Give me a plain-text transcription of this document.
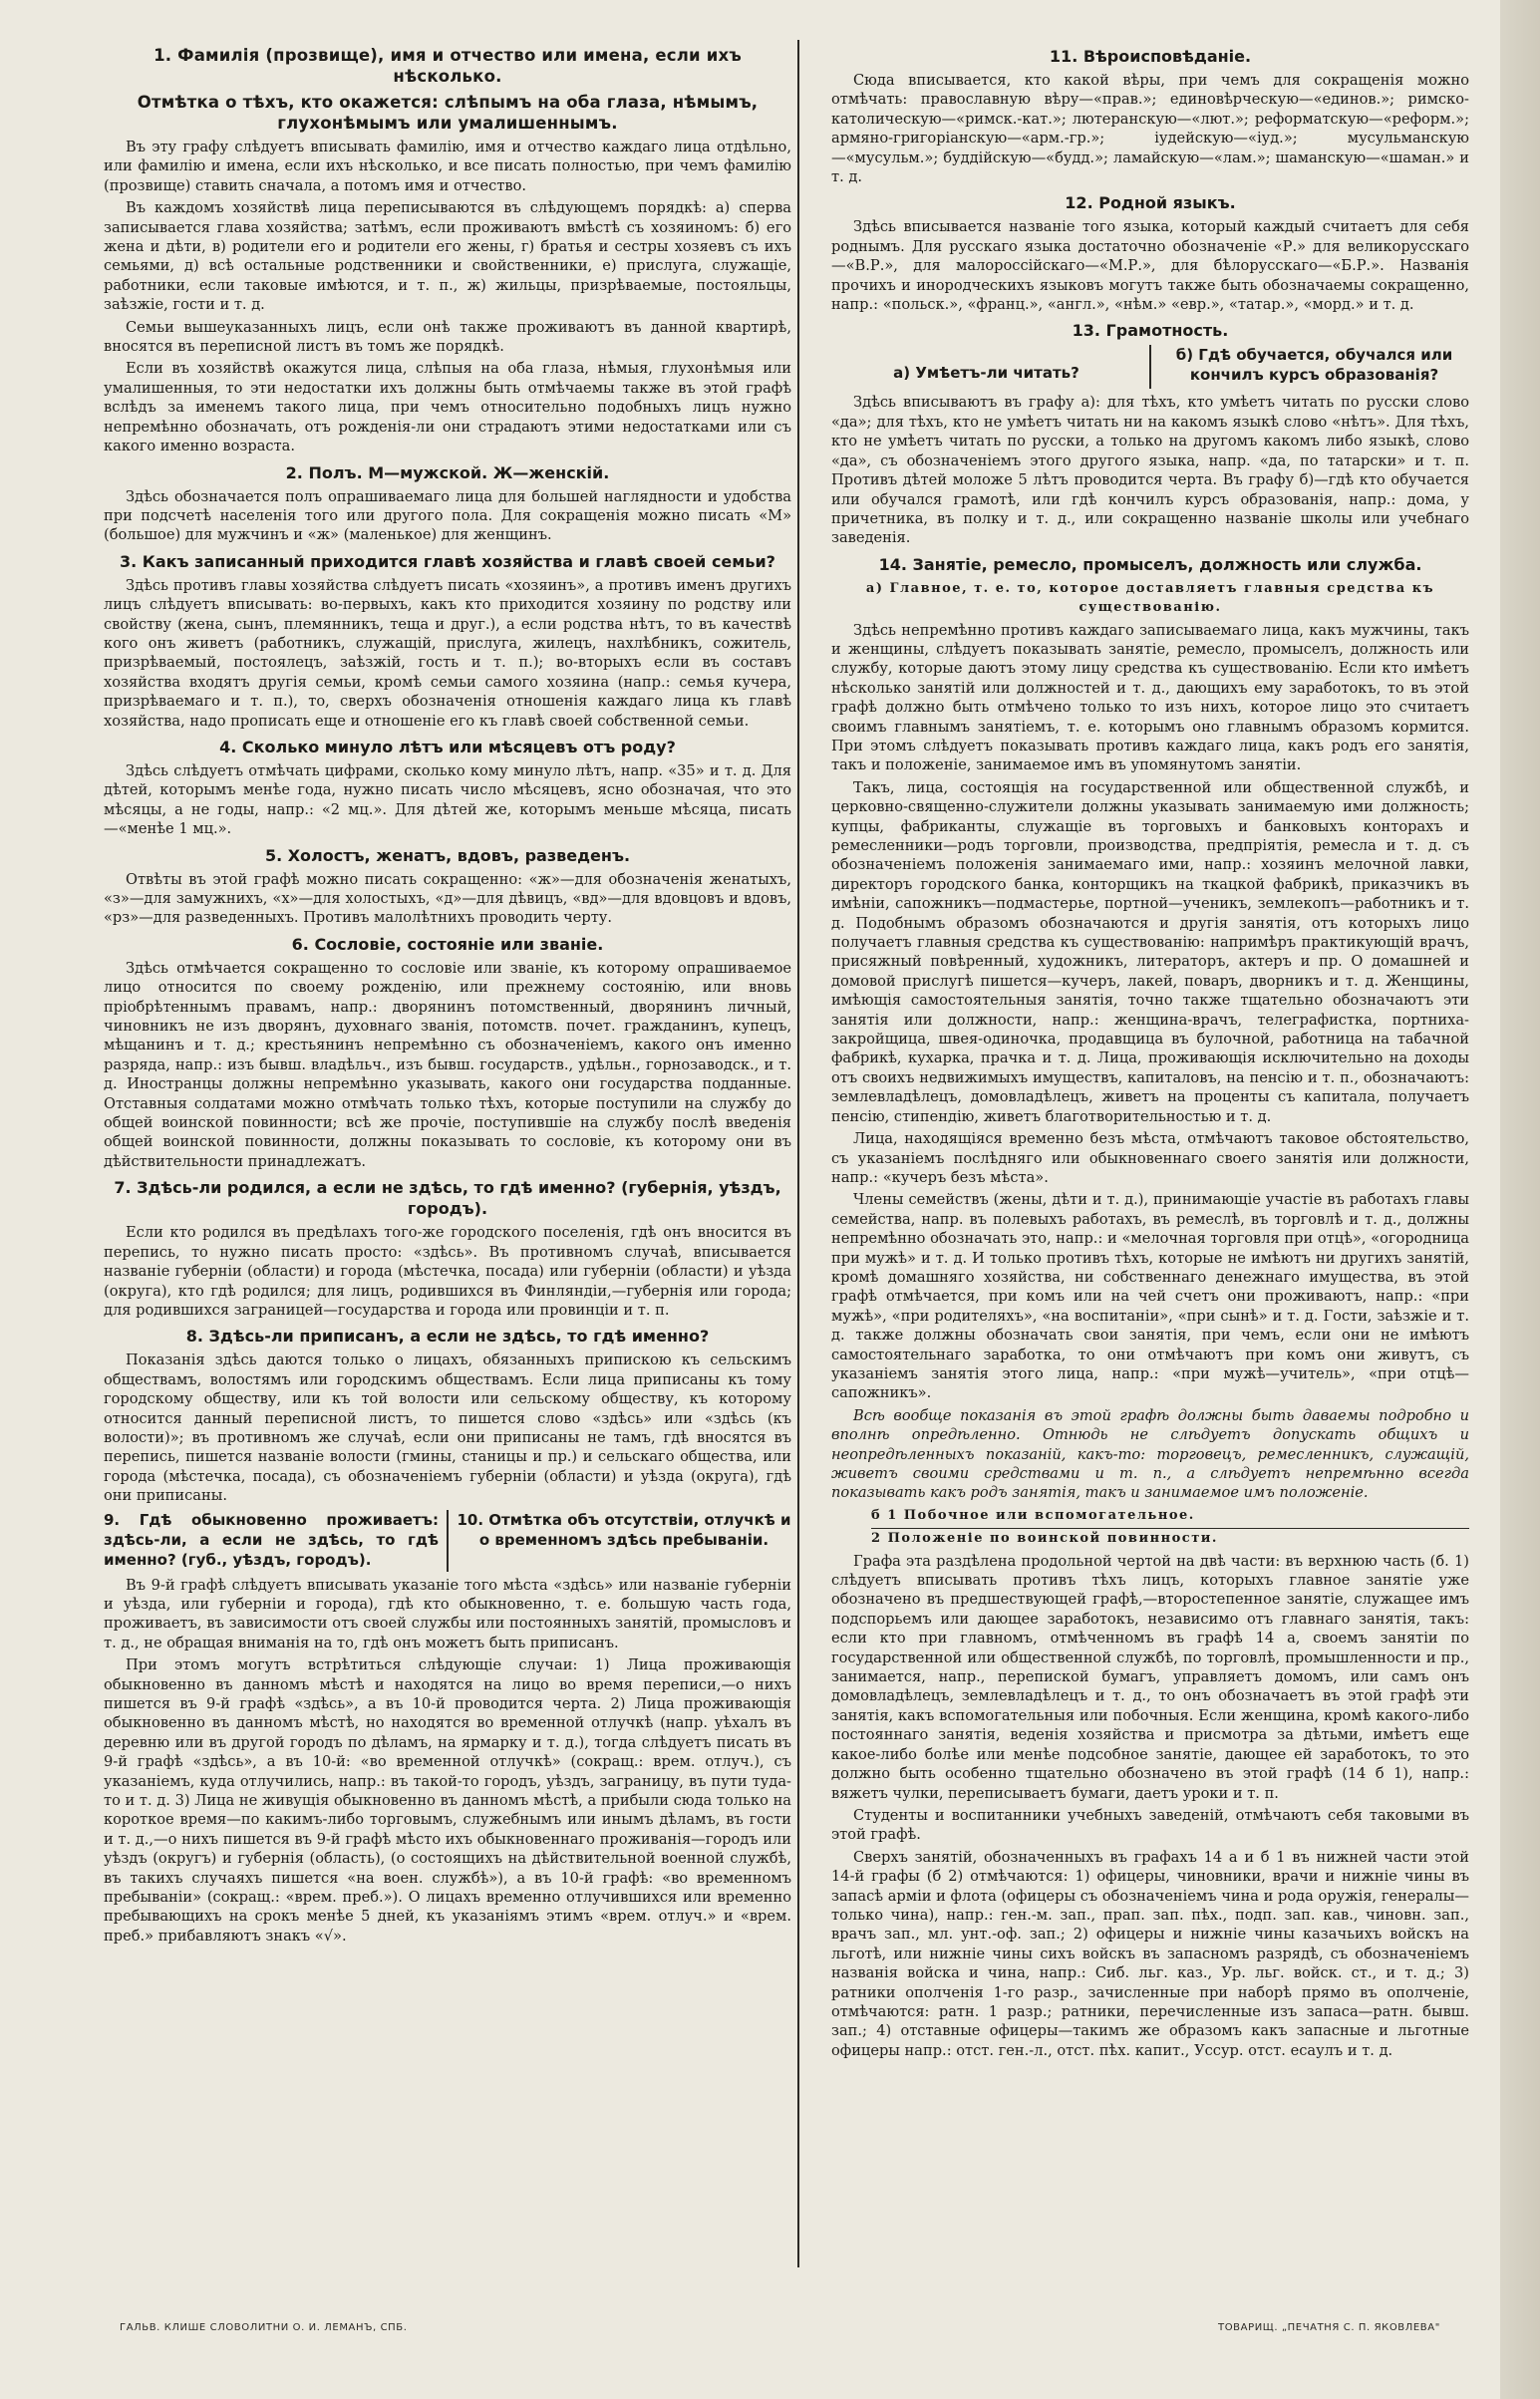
1. Фамилія (прозвище), имя и отчество или имена, если ихъ нѣсколько.
Отмѣтка о тѣхъ, кто окажется: слѣпымъ на оба глаза, нѣмымъ, глухонѣмымъ или умалишеннымъ.

Въ эту графу слѣдуетъ вписывать фамилію, имя и отчество каждаго лица отдѣльно, или фамилію и имена, если ихъ нѣсколько, и все писать полностью, при чемъ фамилію (прозвище) ставить сначала, а потомъ имя и отчество.

Въ каждомъ хозяйствѣ лица переписываются въ слѣдующемъ порядкѣ: а) сперва записывается глава хозяйства; затѣмъ, если проживаютъ вмѣстѣ съ хозяиномъ: б) его жена и дѣти, в) родители его и родители его жены, г) братья и сестры хозяевъ съ ихъ семьями, д) всѣ остальные родственники и свойственники, е) прислуга, служащіе, работники, если таковые имѣются, и т. п., ж) жильцы, призрѣваемые, постояльцы, заѣзжіе, гости и т. д.

Семьи вышеуказанныхъ лицъ, если онѣ также проживаютъ въ данной квартирѣ, вносятся въ переписной листъ въ томъ же порядкѣ.

Если въ хозяйствѣ окажутся лица, слѣпыя на оба глаза, нѣмыя, глухонѣмыя или умалишенныя, то эти недостатки ихъ должны быть отмѣчаемы также въ этой графѣ вслѣдъ за именемъ такого лица, при чемъ относительно подобныхъ лицъ нужно непремѣнно обозначать, отъ рожденія-ли они страдаютъ этими недостатками или съ какого именно возраста.

2. Полъ. М—мужской. Ж—женскій.

Здѣсь обозначается полъ опрашиваемаго лица для большей наглядности и удобства при подсчетѣ населенія того или другого пола. Для сокращенія можно писать «М» (большое) для мужчинъ и «ж» (маленькое) для женщинъ.

3. Какъ записанный приходится главѣ хозяйства и главѣ своей семьи?

Здѣсь противъ главы хозяйства слѣдуетъ писать «хозяинъ», а противъ именъ другихъ лицъ слѣдуетъ вписывать: во-первыхъ, какъ кто приходится хозяину по родству или свойству (жена, сынъ, племянникъ, теща и друг.), а если родства нѣтъ, то въ качествѣ кого онъ живетъ (работникъ, служащій, прислуга, жилецъ, нахлѣбникъ, сожитель, призрѣваемый, постоялецъ, заѣзжій, гость и т. п.); во-вторыхъ если въ составъ хозяйства входятъ другія семьи, кромѣ семьи самого хозяина (напр.: семья кучера, призрѣваемаго и т. п.), то, сверхъ обозначенія отношенія каждаго лица къ главѣ хозяйства, надо прописать еще и отношеніе его къ главѣ своей собственной семьи.

4. Сколько минуло лѣтъ или мѣсяцевъ отъ роду?

Здѣсь слѣдуетъ отмѣчать цифрами, сколько кому минуло лѣтъ, напр. «35» и т. д. Для дѣтей, которымъ менѣе года, нужно писать число мѣсяцевъ, ясно обозначая, что это мѣсяцы, а не годы, напр.: «2 мц.». Для дѣтей же, которымъ меньше мѣсяца, писать—«менѣе 1 мц.».

5. Холостъ, женатъ, вдовъ, разведенъ.

Отвѣты въ этой графѣ можно писать сокращенно: «ж»—для обозначенія женатыхъ, «з»—для замужнихъ, «х»—для холостыхъ, «д»—для дѣвицъ, «вд»—для вдовцовъ и вдовъ, «рз»—для разведенныхъ. Противъ малолѣтнихъ проводить черту.

6. Сословіе, состояніе или званіе.

Здѣсь отмѣчается сокращенно то сословіе или званіе, къ которому опрашиваемое лицо относится по своему рожденію, или прежнему состоянію, или вновь пріобрѣтеннымъ правамъ, напр.: дворянинъ потомственный, дворянинъ личный, чиновникъ не изъ дворянъ, духовнаго званія, потомств. почет. гражданинъ, купецъ, мѣщанинъ и т. д.; крестьянинъ непремѣнно съ обозначеніемъ, какого онъ именно разряда, напр.: изъ бывш. владѣльч., изъ бывш. государств., удѣльн., горнозаводск., и т. д. Иностранцы должны непремѣнно указывать, какого они государства подданные. Отставныя солдатами можно отмѣчать только тѣхъ, которые поступили на службу до общей воинской повинности; всѣ же прочіе, поступившіе на службу послѣ введенія общей воинской повинности, должны показывать то сословіе, къ которому они въ дѣйствительности принадлежатъ.

7. Здѣсь-ли родился, а если не здѣсь, то гдѣ именно? (губернія, уѣздъ, городъ).

Если кто родился въ предѣлахъ того-же городского поселенія, гдѣ онъ вносится въ перепись, то нужно писать просто: «здѣсь». Въ противномъ случаѣ, вписывается названіе губерніи (области) и города (мѣстечка, посада) или губерніи (области) и уѣзда (округа), кто гдѣ родился; для лицъ, родившихся въ Финляндіи,—губернія или города; для родившихся заграницей—государства и города или провинціи и т. п.

8. Здѣсь-ли приписанъ, а если не здѣсь, то гдѣ именно?

Показанія здѣсь даются только о лицахъ, обязанныхъ припискою къ сельскимъ обществамъ, волостямъ или городскимъ обществамъ. Если лица приписаны къ тому городскому обществу, или къ той волости или сельскому обществу, къ которому относится данный переписной листъ, то пишется слово «здѣсь» или «здѣсь (къ волости)»; въ противномъ же случаѣ, если они приписаны не тамъ, гдѣ вносятся въ перепись, пишется названіе волости (гмины, станицы и пр.) и сельскаго общества, или города (мѣстечка, посада), съ обозначеніемъ губерніи (области) и уѣзда (округа), гдѣ они приписаны.

9. Гдѣ обыкновенно проживаетъ: здѣсь-ли, а если не здѣсь, то гдѣ именно? (губ., уѣздъ, городъ).
10. Отмѣтка объ отсутствіи, отлучкѣ и о временномъ здѣсь пребываніи.

Въ 9-й графѣ слѣдуетъ вписывать указаніе того мѣста «здѣсь» или названіе губерніи и уѣзда, или губерніи и города), гдѣ кто обыкновенно, т. е. большую часть года, проживаетъ, въ зависимости отъ своей службы или постоянныхъ занятій, промысловъ и т. д., не обращая вниманія на то, гдѣ онъ можетъ быть приписанъ.

При этомъ могутъ встрѣтиться слѣдующіе случаи: 1) Лица проживающія обыкновенно въ данномъ мѣстѣ и находятся на лицо во время переписи,—о нихъ пишется въ 9-й графѣ «здѣсь», а въ 10-й проводится черта. 2) Лица проживающія обыкновенно въ данномъ мѣстѣ, но находятся во временной отлучкѣ (напр. уѣхалъ въ деревню или въ другой городъ по дѣламъ, на ярмарку и т. д.), тогда слѣдуетъ писать въ 9-й графѣ «здѣсь», а въ 10-й: «во временной отлучкѣ» (сокращ.: врем. отлуч.), съ указаніемъ, куда отлучились, напр.: въ такой-то городъ, уѣздъ, заграницу, въ пути туда-то и т. д. 3) Лица не живущія обыкновенно въ данномъ мѣстѣ, а прибыли сюда только на короткое время—по какимъ-либо торговымъ, служебнымъ или инымъ дѣламъ, въ гости и т. д.,—о нихъ пишется въ 9-й графѣ мѣсто ихъ обыкновеннаго проживанія—городъ или уѣздъ (округъ) и губернія (область), (о состоящихъ на дѣйствительной военной службѣ, въ такихъ случаяхъ пишется «на воен. службѣ»), а въ 10-й графѣ: «во временномъ пребываніи» (сокращ.: «врем. преб.»). О лицахъ временно отлучившихся или временно пребывающихъ на срокъ менѣе 5 дней, къ указаніямъ этимъ «врем. отлуч.» и «врем. преб.» прибавляютъ знакъ «√».

11. Вѣроисповѣданіе.

Сюда вписывается, кто какой вѣры, при чемъ для сокращенія можно отмѣчать: православную вѣру—«прав.»; единовѣрческую—«единов.»; римско-католическую—«римск.-кат.»; лютеранскую—«лют.»; реформатскую—«реформ.»; армяно-григоріанскую—«арм.-гр.»; іудейскую—«іуд.»; мусульманскую—«мусульм.»; буддійскую—«будд.»; ламайскую—«лам.»; шаманскую—«шаман.» и т. д.

12. Родной языкъ.

Здѣсь вписывается названіе того языка, который каждый считаетъ для себя роднымъ. Для русскаго языка достаточно обозначеніе «Р.» для великорусскаго—«В.Р.», для малороссійскаго—«М.Р.», для бѣлорусскаго—«Б.Р.». Названія прочихъ и инородческихъ языковъ могутъ также быть обозначаемы сокращенно, напр.: «польск.», «франц.», «англ.», «нѣм.» «евр.», «татар.», «морд.» и т. д.

13. Грамотность.
а) Умѣетъ-ли читать?
б) Гдѣ обучается, обучался или кончилъ курсъ образованія?

Здѣсь вписываютъ въ графу а): для тѣхъ, кто умѣетъ читать по русски слово «да»; для тѣхъ, кто не умѣетъ читать ни на какомъ языкѣ слово «нѣтъ». Для тѣхъ, кто не умѣетъ читать по русски, а только на другомъ какомъ либо языкѣ, слово «да», съ обозначеніемъ этого другого языка, напр. «да, по татарски» и т. п. Противъ дѣтей моложе 5 лѣтъ проводится черта. Въ графу б)—гдѣ кто обучается или обучался грамотѣ, или гдѣ кончилъ курсъ образованія, напр.: дома, у причетника, въ полку и т. д., или сокращенно названіе школы или учебнаго заведенія.

14. Занятіе, ремесло, промыселъ, должность или служба.

а) Главное, т. е. то, которое доставляетъ главныя средства къ существованію.

Здѣсь непремѣнно противъ каждаго записываемаго лица, какъ мужчины, такъ и женщины, слѣдуетъ показывать занятіе, ремесло, промыселъ, должность или службу, которые даютъ этому лицу средства къ существованію. Если кто имѣетъ нѣсколько занятій или должностей и т. д., дающихъ ему заработокъ, то въ этой графѣ должно быть отмѣчено только то изъ нихъ, которое лицо это считаетъ своимъ главнымъ занятіемъ, т. е. которымъ оно главнымъ образомъ кормится. При этомъ слѣдуетъ показывать противъ каждаго лица, какъ родъ его занятія, такъ и положеніе, занимаемое имъ въ упомянутомъ занятіи.

Такъ, лица, состоящія на государственной или общественной службѣ, и церковно-священно-служители должны указывать занимаемую ими должность; купцы, фабриканты, служащіе въ торговыхъ и банковыхъ конторахъ и ремесленники—родъ торговли, производства, предпріятія, ремесла и т. д. съ обозначеніемъ положенія занимаемаго ими, напр.: хозяинъ мелочной лавки, директоръ городского банка, конторщикъ на ткацкой фабрикѣ, приказчикъ въ имѣніи, сапожникъ—подмастерье, портной—ученикъ, землекопъ—работникъ и т. д. Подобнымъ образомъ обозначаются и другія занятія, отъ которыхъ лицо получаетъ главныя средства къ существованію: напримѣръ практикующій врачъ, присяжный повѣренный, художникъ, литераторъ, актеръ и пр. О домашней и домовой прислугѣ пишется—кучеръ, лакей, поваръ, дворникъ и т. д. Женщины, имѣющія самостоятельныя занятія, точно также тщательно обозначаютъ эти занятія или должности, напр.: женщина-врачъ, телеграфистка, портниха-закройщица, швея-одиночка, продавщица въ булочной, работница на табачной фабрикѣ, кухарка, прачка и т. д. Лица, проживающія исключительно на доходы отъ своихъ недвижимыхъ имуществъ, капиталовъ, на пенсію и т. п., обозначаютъ: землевладѣлецъ, домовладѣлецъ, живетъ на проценты съ капитала, получаетъ пенсію, стипендію, живетъ благотворительностью и т. д.

Лица, находящіяся временно безъ мѣста, отмѣчаютъ таковое обстоятельство, съ указаніемъ послѣдняго или обыкновеннаго своего занятія или должности, напр.: «кучеръ безъ мѣста».

Члены семействъ (жены, дѣти и т. д.), принимающіе участіе въ работахъ главы семейства, напр. въ полевыхъ работахъ, въ ремеслѣ, въ торговлѣ и т. д., должны непремѣнно обозначать это, напр.: и «мелочная торговля при отцѣ», «огородница при мужѣ» и т. д. И только противъ тѣхъ, которые не имѣютъ ни другихъ занятій, кромѣ домашняго хозяйства, ни собственнаго денежнаго имущества, въ этой графѣ отмѣчается, при комъ или на чей счетъ они проживаютъ, напр.: «при мужѣ», «при родителяхъ», «на воспитаніи», «при сынѣ» и т. д. Гости, заѣзжіе и т. д. также должны обозначать свои занятія, при чемъ, если они не имѣютъ самостоятельнаго заработка, то они отмѣчаютъ при комъ они живутъ, съ указаніемъ занятія этого лица, напр.: «при мужѣ—учитель», «при отцѣ—сапожникъ».

Всѣ вообще показанія въ этой графѣ должны быть даваемы подробно и вполнѣ опредѣленно. Отнюдь не слѣдуетъ допускать общихъ и неопредѣленныхъ показаній, какъ-то: торговецъ, ремесленникъ, служащій, живетъ своими средствами и т. п., а слѣдуетъ непремѣнно всегда показывать какъ родъ занятія, такъ и занимаемое имъ положеніе.

б 1 Побочное или вспомогательное.

2 Положеніе по воинской повинности.

Графа эта раздѣлена продольной чертой на двѣ части: въ верхнюю часть (б. 1) слѣдуетъ вписывать противъ тѣхъ лицъ, которыхъ главное занятіе уже обозначено въ предшествующей графѣ,—второстепенное занятіе, служащее имъ подспорьемъ или дающее заработокъ, независимо отъ главнаго занятія, такъ: если кто при главномъ, отмѣченномъ въ графѣ 14 а, своемъ занятіи по государственной или общественной службѣ, по торговлѣ, промышленности и пр., занимается, напр., перепиской бумагъ, управляетъ домомъ, или самъ онъ домовладѣлецъ, землевладѣлецъ и т. д., то онъ обозначаетъ въ этой графѣ эти занятія, какъ вспомогательныя или побочныя. Если женщина, кромѣ какого-либо постояннаго занятія, веденія хозяйства и присмотра за дѣтьми, имѣетъ еще какое-либо болѣе или менѣе подсобное занятіе, дающее ей заработокъ, то это должно быть особенно тщательно обозначено въ этой графѣ (14 б 1), напр.: вяжетъ чулки, переписываетъ бумаги, даетъ уроки и т. п.

Студенты и воспитанники учебныхъ заведеній, отмѣчаютъ себя таковыми въ этой графѣ.

Сверхъ занятій, обозначенныхъ въ графахъ 14 а и б 1 въ нижней части этой 14-й графы (б 2) отмѣчаются: 1) офицеры, чиновники, врачи и нижніе чины въ запасѣ арміи и флота (офицеры съ обозначеніемъ чина и рода оружія, генералы—только чина), напр.: ген.-м. зап., прап. зап. пѣх., подп. зап. кав., чиновн. зап., врачъ зап., мл. унт.-оф. зап.; 2) офицеры и нижніе чины казачьихъ войскъ на льготѣ, или нижніе чины сихъ войскъ въ запасномъ разрядѣ, съ обозначеніемъ названія войска и чина, напр.: Сиб. льг. каз., Ур. льг. войск. ст., и т. д.; 3) ратники ополченія 1-го разр., зачисленные при наборѣ прямо въ ополченіе, отмѣчаются: ратн. 1 разр.; ратники, перечисленные изъ запаса—ратн. бывш. зап.; 4) отставные офицеры—такимъ же образомъ какъ запасные и льготные офицеры напр.: отст. ген.-л., отст. пѣх. капит., Уссур. отст. есаулъ и т. д.

ГАЛЬВ. КЛИШЕ СЛОВОЛИТНИ О. И. ЛЕМАНЪ, СПБ.	ТОВАРИЩ. „ПЕЧАТНЯ С. П. ЯКОВЛЕВА"
